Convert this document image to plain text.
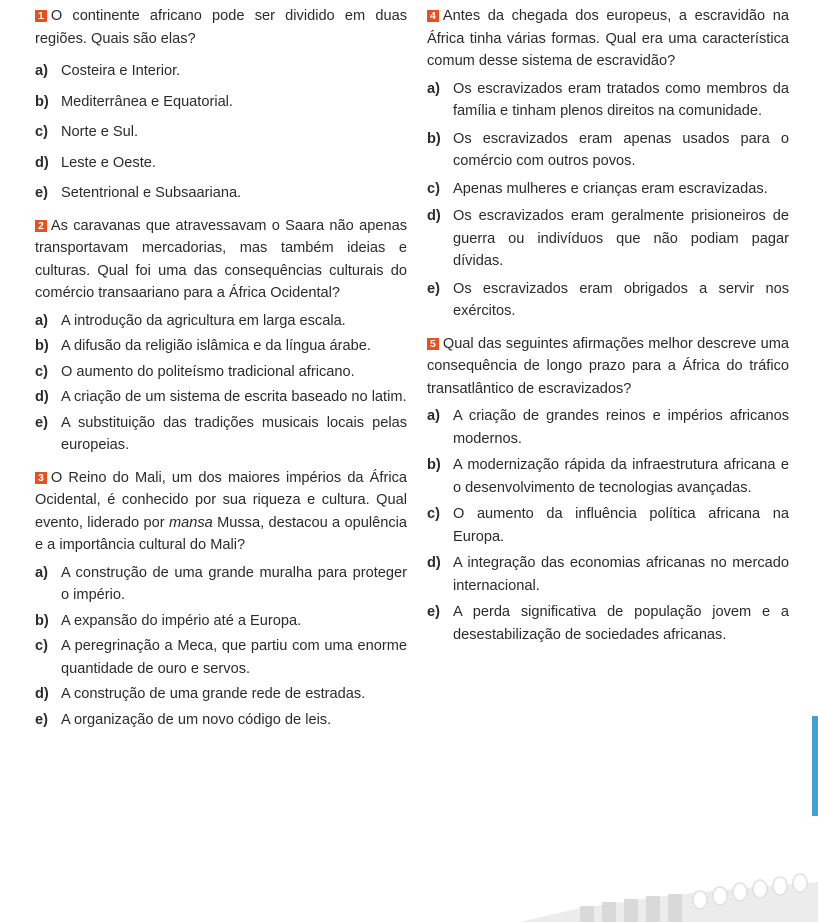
1 O continente africano pode ser dividido em duas regiões. Quais são elas?

a )	Costeira e Interior.
b )	Mediterrânea e Equatorial.
c )	Norte e Sul.
d )	Leste e Oeste.
e )	Setentrional e Subsaariana.

2 As caravanas que atravessavam o Saara não apenas transportavam mercadorias, mas também ideias e culturas. Qual foi uma das consequências culturais do comércio transaariano para a África Ocidental?

a )	A introdução da agricultura em larga escala.
b )	A difusão da religião islâmica e da língua árabe.
c )	O aumento do politeísmo tradicional africano.
d )	A criação de um sistema de escrita baseado no latim.
e )	A substituição das tradições musicais locais pelas europeias.

3 O Reino do Mali, um dos maiores impérios da África Ocidental, é conhecido por sua riqueza e cultura. Qual evento, liderado por mansa Mussa, destacou a opulência e a importância cultural do Mali?

a )	A construção de uma grande muralha para proteger o império.
b )	A expansão do império até a Europa.
c )	A peregrinação a Meca, que partiu com uma enorme quantidade de ouro e servos.
d )	A construção de uma grande rede de estradas.
e )	A organização de um novo código de leis.

4 Antes da chegada dos europeus, a escravidão na África tinha várias formas. Qual era uma característica comum desse sistema de escravidão?

a )	Os escravizados eram tratados como membros da família e tinham plenos direitos na comunidade.
b )	Os escravizados eram apenas usados para o comércio com outros povos.
c )	Apenas mulheres e crianças eram escravizadas.
d )	Os escravizados eram geralmente prisioneiros de guerra ou indivíduos que não podiam pagar dívidas.
e )	Os escravizados eram obrigados a servir nos exércitos.

5 Qual das seguintes afirmações melhor descreve uma consequência de longo prazo para a África do tráfico transatlântico de escravizados?

a )	A criação de grandes reinos e impérios africanos modernos.
b )	A modernização rápida da infraestrutura africana e o desenvolvimento de tecnologias avançadas.
c )	O aumento da influência política africana na Europa.
d )	A integração das economias africanas no mercado internacional.
e )	A perda significativa de população jovem e a desestabilização de sociedades africanas.
